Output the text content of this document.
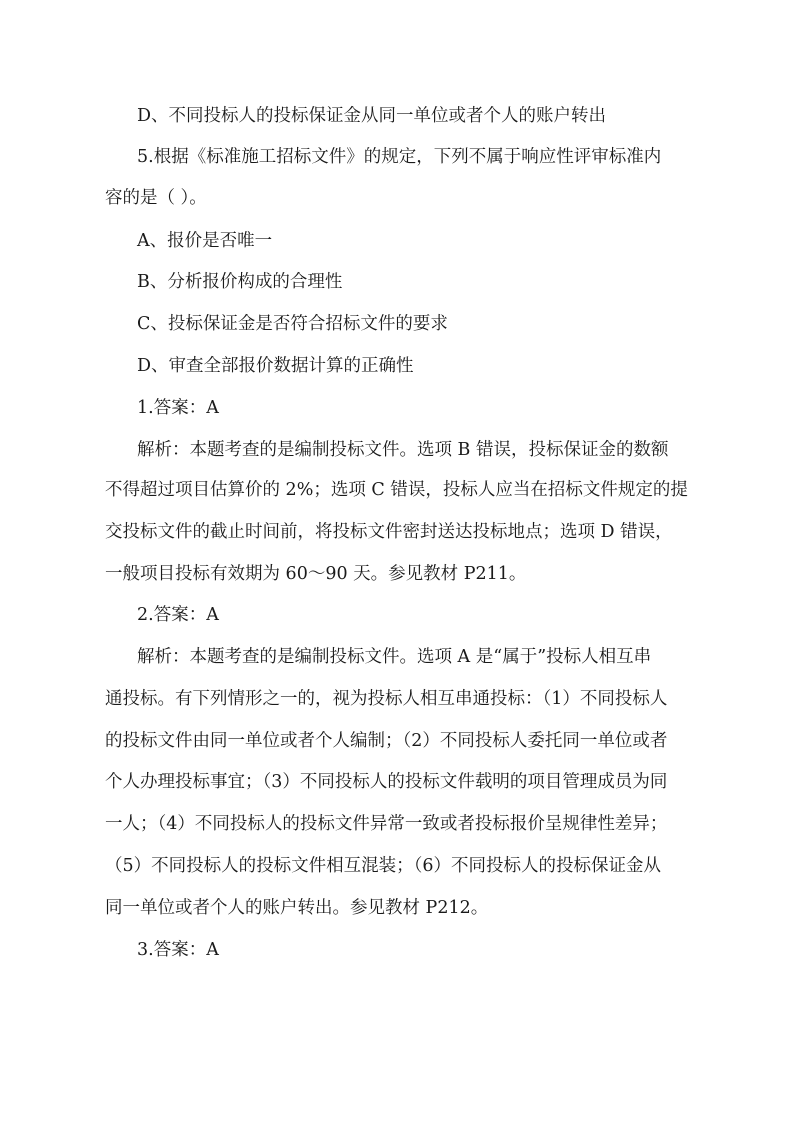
D、不同投标人的投标保证金从同一单位或者个人的账户转出
5.根据《标准施工招标文件》的规定，下列不属于响应性评审标准内
容的是（ ）。
A、报价是否唯一
B、分析报价构成的合理性
C、投标保证金是否符合招标文件的要求
D、审查全部报价数据计算的正确性
1.答案：A
解析：本题考查的是编制投标文件。选项 B 错误，投标保证金的数额
不得超过项目估算价的 2%；选项 C 错误，投标人应当在招标文件规定的提
交投标文件的截止时间前，将投标文件密封送达投标地点；选项 D 错误，
一般项目投标有效期为 60～90 天。参见教材 P211。
2.答案：A
解析：本题考查的是编制投标文件。选项 A 是“属于”投标人相互串
通投标。有下列情形之一的，视为投标人相互串通投标：（1）不同投标人
的投标文件由同一单位或者个人编制；（2）不同投标人委托同一单位或者
个人办理投标事宜；（3）不同投标人的投标文件载明的项目管理成员为同
一人；（4）不同投标人的投标文件异常一致或者投标报价呈规律性差异；
（5）不同投标人的投标文件相互混装；（6）不同投标人的投标保证金从
同一单位或者个人的账户转出。参见教材 P212。
3.答案：A
